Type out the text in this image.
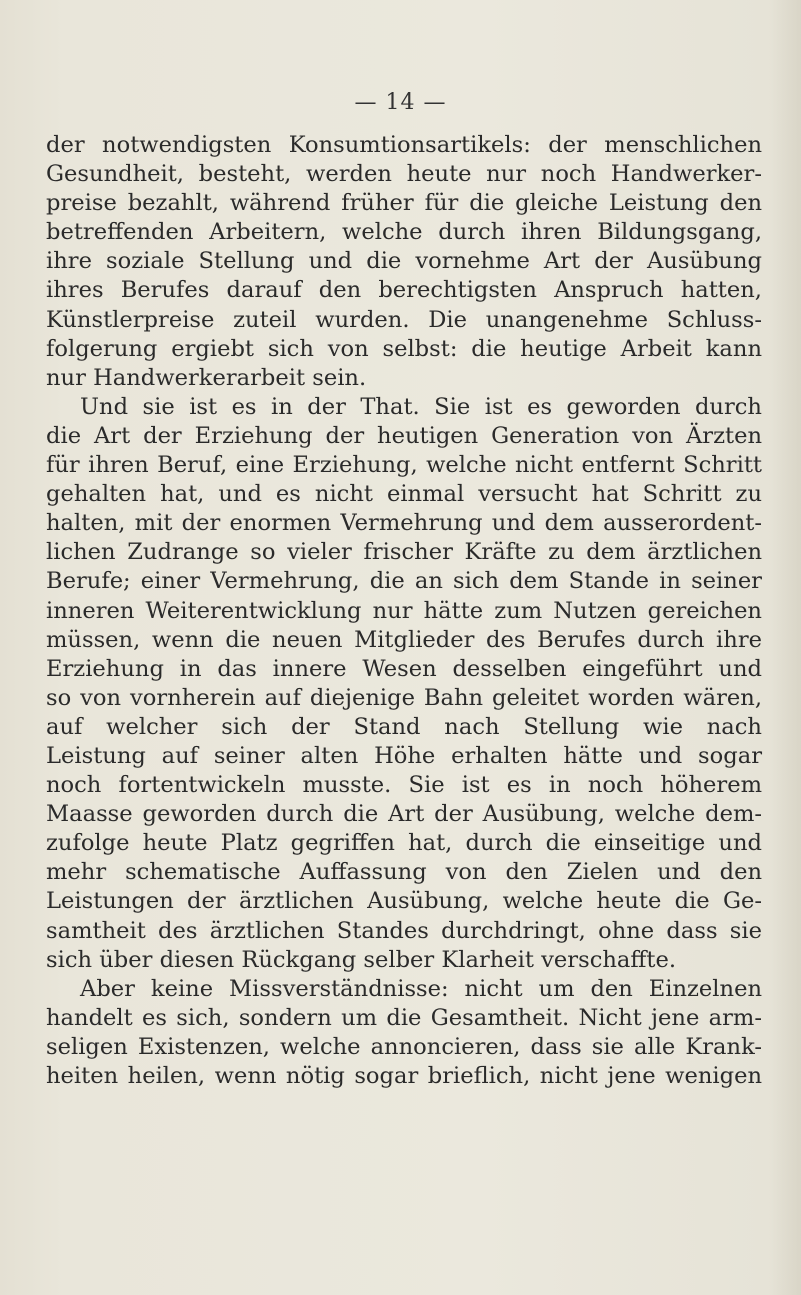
— 14 —

der notwendigsten Konsumtionsartikels: der menschlichen
Gesundheit, besteht, werden heute nur noch Handwerker-
preise bezahlt, während früher für die gleiche Leistung den
betreffenden Arbeitern, welche durch ihren Bildungsgang,
ihre soziale Stellung und die vornehme Art der Ausübung
ihres Berufes darauf den berechtigsten Anspruch hatten,
Künstlerpreise zuteil wurden. Die unangenehme Schluss-
folgerung ergiebt sich von selbst: die heutige Arbeit kann
nur Handwerkerarbeit sein.

Und sie ist es in der That. Sie ist es geworden durch
die Art der Erziehung der heutigen Generation von Ärzten
für ihren Beruf, eine Erziehung, welche nicht entfernt Schritt
gehalten hat, und es nicht einmal versucht hat Schritt zu
halten, mit der enormen Vermehrung und dem ausserordent-
lichen Zudrange so vieler frischer Kräfte zu dem ärztlichen
Berufe; einer Vermehrung, die an sich dem Stande in seiner
inneren Weiterentwicklung nur hätte zum Nutzen gereichen
müssen, wenn die neuen Mitglieder des Berufes durch ihre
Erziehung in das innere Wesen desselben eingeführt und
so von vornherein auf diejenige Bahn geleitet worden wären,
auf welcher sich der Stand nach Stellung wie nach
Leistung auf seiner alten Höhe erhalten hätte und sogar
noch fortentwickeln musste. Sie ist es in noch höherem
Maasse geworden durch die Art der Ausübung, welche dem-
zufolge heute Platz gegriffen hat, durch die einseitige und
mehr schematische Auffassung von den Zielen und den
Leistungen der ärztlichen Ausübung, welche heute die Ge-
samtheit des ärztlichen Standes durchdringt, ohne dass sie
sich über diesen Rückgang selber Klarheit verschaffte.

Aber keine Missverständnisse: nicht um den Einzelnen
handelt es sich, sondern um die Gesamtheit. Nicht jene arm-
seligen Existenzen, welche annoncieren, dass sie alle Krank-
heiten heilen, wenn nötig sogar brieflich, nicht jene wenigen
